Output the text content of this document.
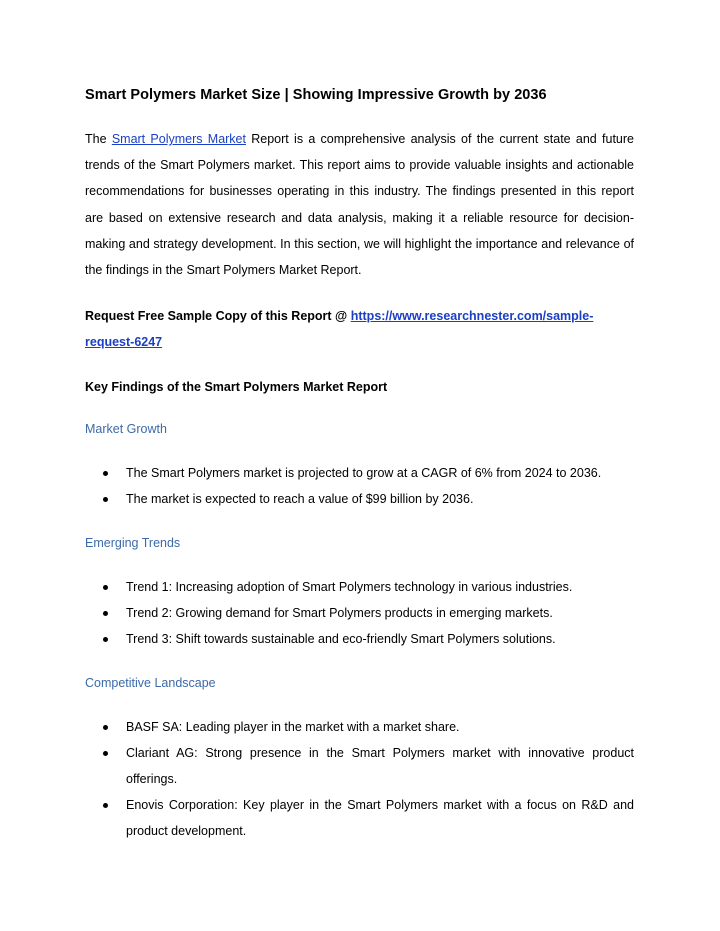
Smart Polymers Market Size | Showing Impressive Growth by 2036

The Smart Polymers Market Report is a comprehensive analysis of the current state and future trends of the Smart Polymers market. This report aims to provide valuable insights and actionable recommendations for businesses operating in this industry. The findings presented in this report are based on extensive research and data analysis, making it a reliable resource for decision-making and strategy development. In this section, we will highlight the importance and relevance of the findings in the Smart Polymers Market Report.

Request Free Sample Copy of this Report @ https://www.researchnester.com/sample-request-6247

Key Findings of the Smart Polymers Market Report

Market Growth

The Smart Polymers market is projected to grow at a CAGR of 6% from 2024 to 2036.
The market is expected to reach a value of $99 billion by 2036.

Emerging Trends

Trend 1: Increasing adoption of Smart Polymers technology in various industries.
Trend 2: Growing demand for Smart Polymers products in emerging markets.
Trend 3: Shift towards sustainable and eco-friendly Smart Polymers solutions.

Competitive Landscape

BASF SA: Leading player in the market with a market share.
Clariant AG: Strong presence in the Smart Polymers market with innovative product offerings.
Enovis Corporation: Key player in the Smart Polymers market with a focus on R&D and product development.
